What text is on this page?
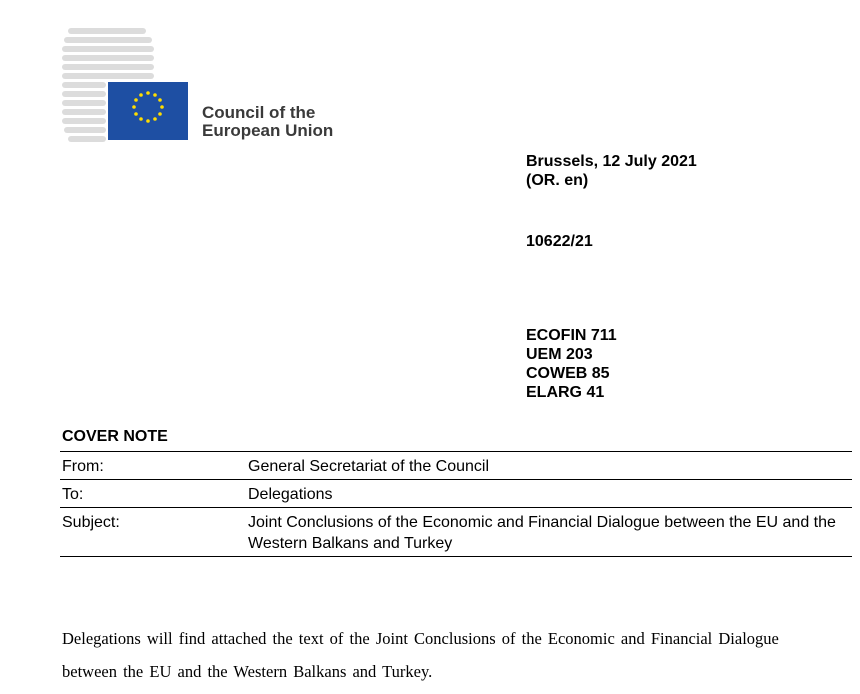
Council of the
European Union
Brussels, 12 July 2021
(OR. en)
10622/21
ECOFIN 711
UEM 203
COWEB 85
ELARG 41
COVER NOTE
From:	General Secretariat of the Council
To:	Delegations
Subject:	Joint Conclusions of the Economic and Financial Dialogue between the EU and the Western Balkans and Turkey
Delegations will find attached the text of the Joint Conclusions of the Economic and Financial Dialogue between the EU and the Western Balkans and Turkey.
